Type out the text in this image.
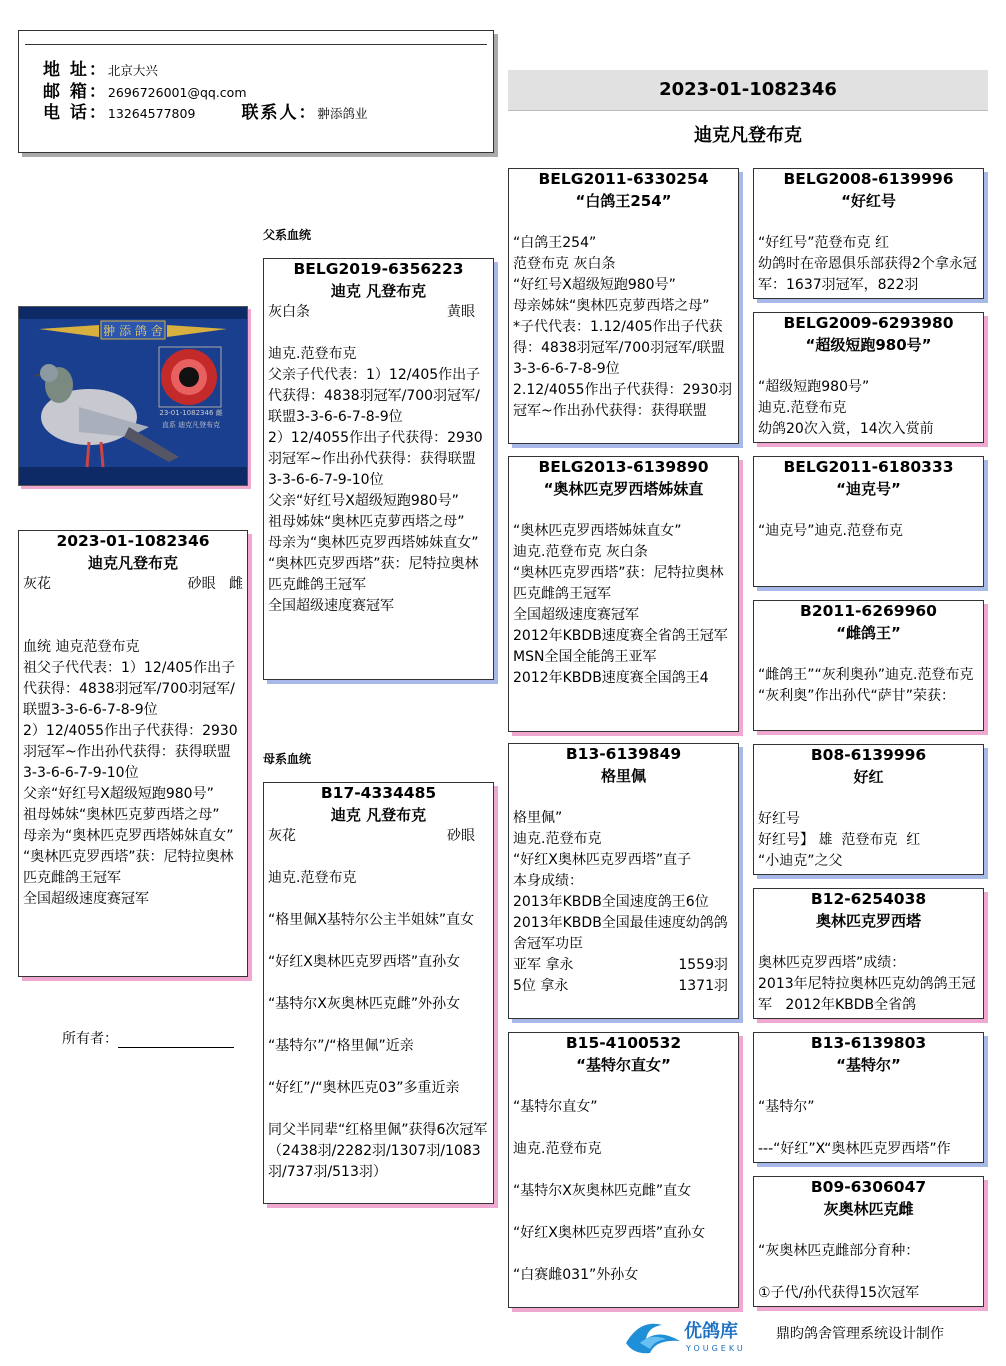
地 址：北京大兴
邮 箱：2696726001@qq.com
电 话：13264577809	联系人：翀添鸽业
2023-01-1082346
迪克凡登布克
父系血统
母系血统
翀 添 鸽 舍
23-01-1082346 雌
直系 迪克凡登布克
2023-01-1082346
迪克凡登布克
灰花	砂眼 雌

血统 迪克范登布克
祖父子代代表：1）12/405作出子代获得：4838羽冠军/700羽冠军/联盟3-3-6-6-7-8-9位
2）12/4055作出子代获得：2930羽冠军~作出孙代获得：获得联盟3-3-6-6-7-9-10位
父亲“好红号X超级短跑980号”
祖母姊妹“奥林匹克萝西塔之母”
母亲为“奥林匹克罗西塔姊妹直女”
“奥林匹克罗西塔”获：尼特拉奥林匹克雌鸽王冠军
全国超级速度赛冠军
所有者：
BELG2019-6356223
迪克 凡登布克
灰白条	黄眼

迪克.范登布克
父亲子代代表：1）12/405作出子代获得：4838羽冠军/700羽冠军/联盟3-3-6-6-7-8-9位
2）12/4055作出子代获得：2930羽冠军~作出孙代获得：获得联盟3-3-6-6-7-9-10位
父亲“好红号X超级短跑980号”
祖母姊妹“奥林匹克萝西塔之母”
母亲为“奥林匹克罗西塔姊妹直女”
“奥林匹克罗西塔”获：尼特拉奥林匹克雌鸽王冠军
全国超级速度赛冠军
B17-4334485
迪克 凡登布克
灰花	砂眼

迪克.范登布克

“格里佩X基特尔公主半姐妹”直女

“好红X奥林匹克罗西塔”直孙女

“基特尔X灰奥林匹克雌”外孙女

“基特尔”/“格里佩”近亲

“好红”/“奥林匹克03”多重近亲

同父半同辈“红格里佩”获得6次冠军（2438羽/2282羽/1307羽/1083羽/737羽/513羽）
BELG2011-6330254
“白鸽王254”

“白鸽王254”
范登布克 灰白条
“好红号X超级短跑980号”
母亲姊妹“奥林匹克萝西塔之母”
*子代代表：1.12/405作出子代获得：4838羽冠军/700羽冠军/联盟3-3-6-6-7-8-9位
2.12/4055作出子代获得：2930羽冠军~作出孙代获得：获得联盟
BELG2013-6139890
“奥林匹克罗西塔姊妹直

“奥林匹克罗西塔姊妹直女”
迪克.范登布克 灰白条
“奥林匹克罗西塔”获：尼特拉奥林匹克雌鸽王冠军
全国超级速度赛冠军
2012年KBDB速度赛全省鸽王冠军
MSN全国全能鸽王亚军
2012年KBDB速度赛全国鸽王4
B13-6139849
格里佩

格里佩”
迪克.范登布克
“好红X奥林匹克罗西塔”直子
本身成绩：
2013年KBDB全国速度鸽王6位
2013年KBDB全国最佳速度幼鸽鸽舍冠军功臣
亚军 拿永	1559羽
5位 拿永	1371羽
B15-4100532
“基特尔直女”

“基特尔直女”

迪克.范登布克

“基特尔X灰奥林匹克雌”直女

“好红X奥林匹克罗西塔”直孙女

“白赛雌031”外孙女
BELG2008-6139996
“好红号

“好红号”范登布克 红
幼鸽时在帝恩俱乐部获得2个拿永冠军：1637羽冠军，822羽
BELG2009-6293980
“超级短跑980号”

“超级短跑980号”
迪克.范登布克
幼鸽20次入赏，14次入赏前
BELG2011-6180333
“迪克号”

“迪克号”迪克.范登布克
B2011-6269960
“雌鸽王”

“雌鸽王”“灰利奥孙”迪克.范登布克
“灰利奥”作出孙代“萨甘”荣获：
B08-6139996
好红

好红号
好红号】 雄  范登布克  红
“小迪克”之父
B12-6254038
奥林匹克罗西塔

奥林匹克罗西塔”成绩：
2013年尼特拉奥林匹克幼鸽鸽王冠军   2012年KBDB全省鸽
B13-6139803
“基特尔”

“基特尔”

---“好红”X“奥林匹克罗西塔”作
B09-6306047
灰奥林匹克雌

“灰奥林匹克雌部分育种：

①子代/孙代获得15次冠军
优鸽库
YOUGEKU
鼎昀鸽舍管理系统设计制作
